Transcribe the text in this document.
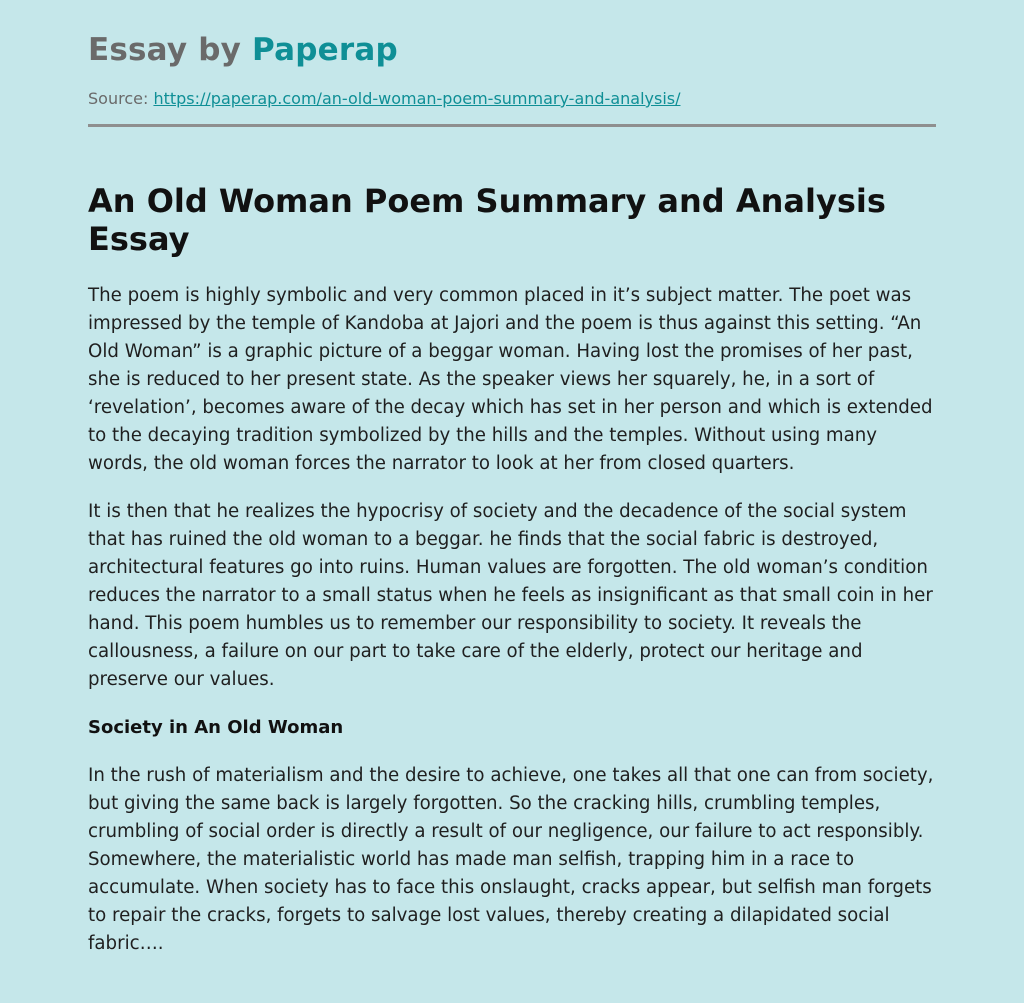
Essay by Paperap
Source: https://paperap.com/an-old-woman-poem-summary-and-analysis/
An Old Woman Poem Summary and Analysis Essay

The poem is highly symbolic and very common placed in it’s subject matter. The poet was impressed by the temple of Kandoba at Jajori and the poem is thus against this setting. “An Old Woman” is a graphic picture of a beggar woman. Having lost the promises of her past, she is reduced to her present state. As the speaker views her squarely, he, in a sort of ‘revelation’, becomes aware of the decay which has set in her person and which is extended to the decaying tradition symbolized by the hills and the temples. Without using many words, the old woman forces the narrator to look at her from closed quarters.

It is then that he realizes the hypocrisy of society and the decadence of the social system that has ruined the old woman to a beggar. he finds that the social fabric is destroyed, architectural features go into ruins. Human values are forgotten. The old woman’s condition reduces the narrator to a small status when he feels as insignificant as that small coin in her hand. This poem humbles us to remember our responsibility to society. It reveals the callousness, a failure on our part to take care of the elderly, protect our heritage and preserve our values.

Society in An Old Woman

In the rush of materialism and the desire to achieve, one takes all that one can from society, but giving the same back is largely forgotten. So the cracking hills, crumbling temples, crumbling of social order is directly a result of our negligence, our failure to act responsibly. Somewhere, the materialistic world has made man selfish, trapping him in a race to accumulate. When society has to face this onslaught, cracks appear, but selfish man forgets to repair the cracks, forgets to salvage lost values, thereby creating a dilapidated social fabric….
